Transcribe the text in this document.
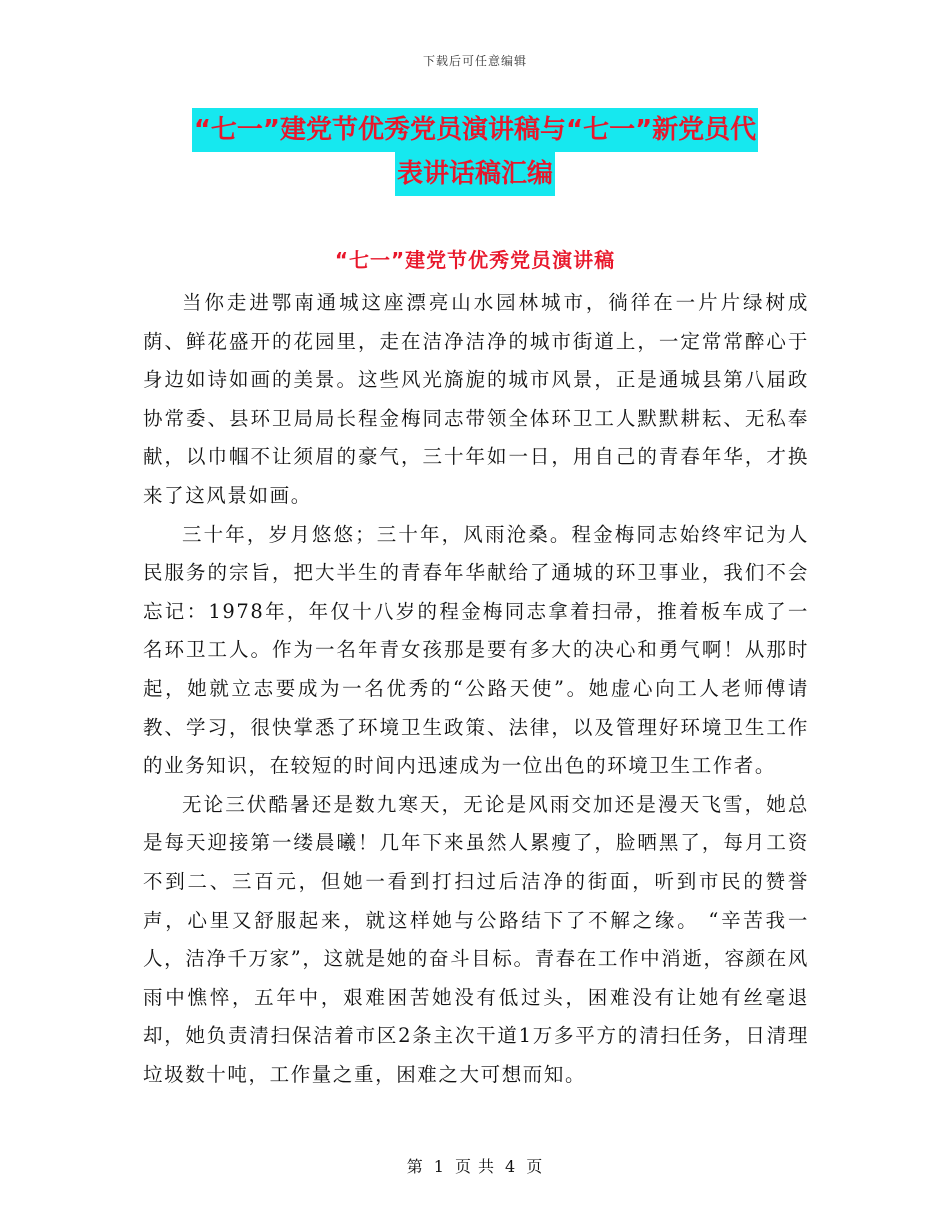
下载后可任意编辑
“七一”建党节优秀党员演讲稿与“七一”新党员代
表讲话稿汇编
“七一”建党节优秀党员演讲稿

当你走进鄂南通城这座漂亮山水园林城市，徜徉在一片片绿树成荫、鲜花盛开的花园里，走在洁净洁净的城市街道上，一定常常醉心于身边如诗如画的美景。这些风光旖旎的城市风景，正是通城县第八届政协常委、县环卫局局长程金梅同志带领全体环卫工人默默耕耘、无私奉献，以巾帼不让须眉的豪气，三十年如一日，用自己的青春年华，才换来了这风景如画。

三十年，岁月悠悠；三十年，风雨沧桑。程金梅同志始终牢记为人民服务的宗旨，把大半生的青春年华献给了通城的环卫事业，我们不会忘记：1978年，年仅十八岁的程金梅同志拿着扫帚，推着板车成了一名环卫工人。作为一名年青女孩那是要有多大的决心和勇气啊！从那时起，她就立志要成为一名优秀的“公路天使”。她虚心向工人老师傅请教、学习，很快掌悉了环境卫生政策、法律，以及管理好环境卫生工作的业务知识，在较短的时间内迅速成为一位出色的环境卫生工作者。

无论三伏酷暑还是数九寒天，无论是风雨交加还是漫天飞雪，她总是每天迎接第一缕晨曦！几年下来虽然人累瘦了，脸晒黑了，每月工资不到二、三百元，但她一看到打扫过后洁净的街面，听到市民的赞誉声，心里又舒服起来，就这样她与公路结下了不解之缘。 “辛苦我一人，洁净千万家”，这就是她的奋斗目标。青春在工作中消逝，容颜在风雨中憔悴，五年中，艰难困苦她没有低过头，困难没有让她有丝毫退却，她负责清扫保洁着市区2条主次干道1万多平方的清扫任务，日清理垃圾数十吨，工作量之重，困难之大可想而知。

第 1 页 共 4 页
